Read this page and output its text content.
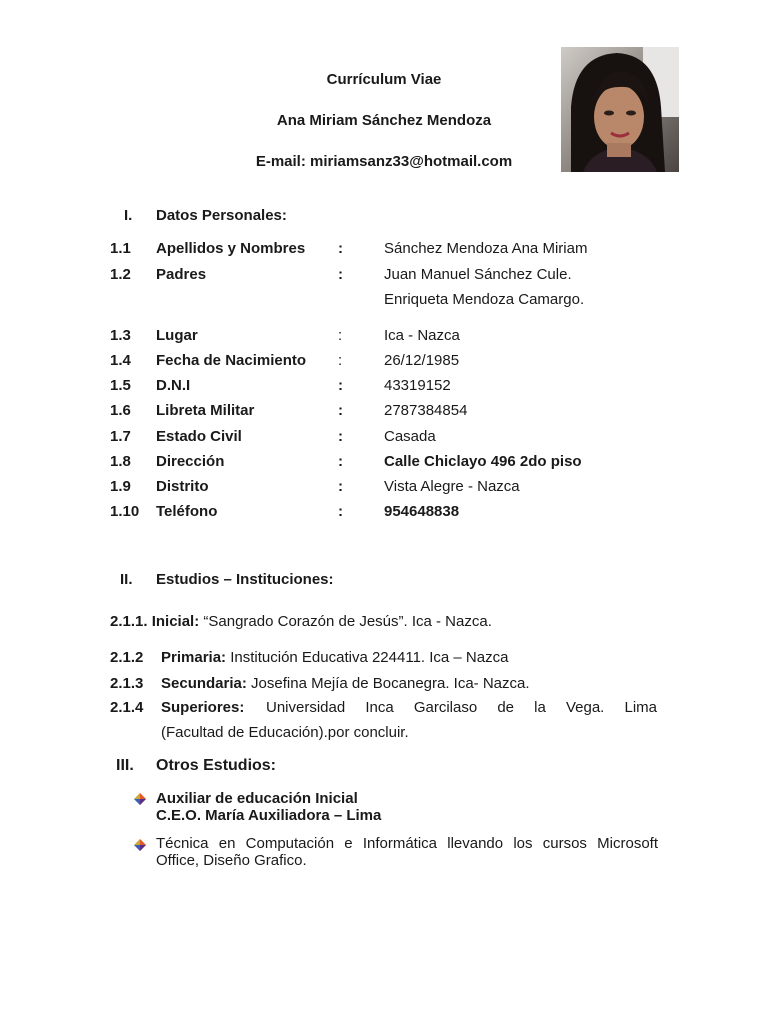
Currículum Viae
Ana Miriam Sánchez Mendoza
E-mail: miriamsanz33@hotmail.com
I. Datos Personales:
1.1 Apellidos y Nombres :	Sánchez Mendoza Ana Miriam
1.2 Padres	:	Juan Manuel Sánchez Cule.
Enriqueta Mendoza Camargo.
1.3 Lugar	:	Ica - Nazca
1.4 Fecha de Nacimiento :	26/12/1985
1.5 D.N.I	:	43319152
1.6 Libreta Militar	:	2787384854
1.7 Estado Civil	:	Casada
1.8 Dirección	:	Calle Chiclayo 496 2do piso
1.9 Distrito	:	Vista Alegre - Nazca
1.10 Teléfono	:	954648838
II. Estudios – Instituciones:
2.1.1. Inicial: “Sangrado Corazón de Jesús”. Ica - Nazca.
2.1.2 Primaria: Institución Educativa 224411. Ica – Nazca
2.1.3 Secundaria: Josefina Mejía de Bocanegra. Ica- Nazca.
2.1.4 Superiores: Universidad Inca Garcilaso de la Vega. Lima
(Facultad de Educación).por concluir.
III. Otros Estudios:
Auxiliar de educación Inicial
C.E.O. María Auxiliadora – Lima
Técnica en Computación e Informática llevando los cursos Microsoft
Office, Diseño Grafico.
